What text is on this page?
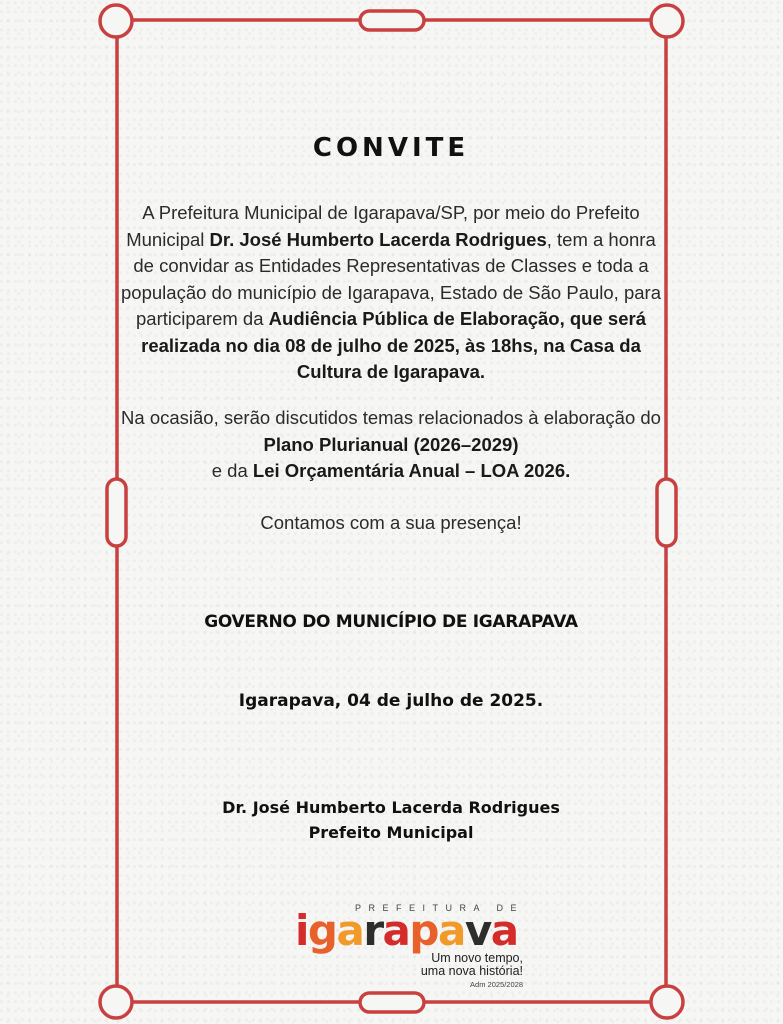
CONVITE
A Prefeitura Municipal de Igarapava/SP, por meio do Prefeito Municipal Dr. José Humberto Lacerda Rodrigues, tem a honra de convidar as Entidades Representativas de Classes e toda a população do município de Igarapava, Estado de São Paulo, para participarem da Audiência Pública de Elaboração, que será realizada no dia 08 de julho de 2025, às 18hs, na Casa da Cultura de Igarapava.
Na ocasião, serão discutidos temas relacionados à elaboração do Plano Plurianual (2026–2029)
e da Lei Orçamentária Anual – LOA 2026.
Contamos com a sua presença!
GOVERNO DO MUNICÍPIO DE IGARAPAVA
Igarapava, 04 de julho de 2025.
Dr. José Humberto Lacerda Rodrigues
Prefeito Municipal
PREFEITURA DE
igarapava
Um novo tempo,
uma nova história!
Adm 2025/2028
